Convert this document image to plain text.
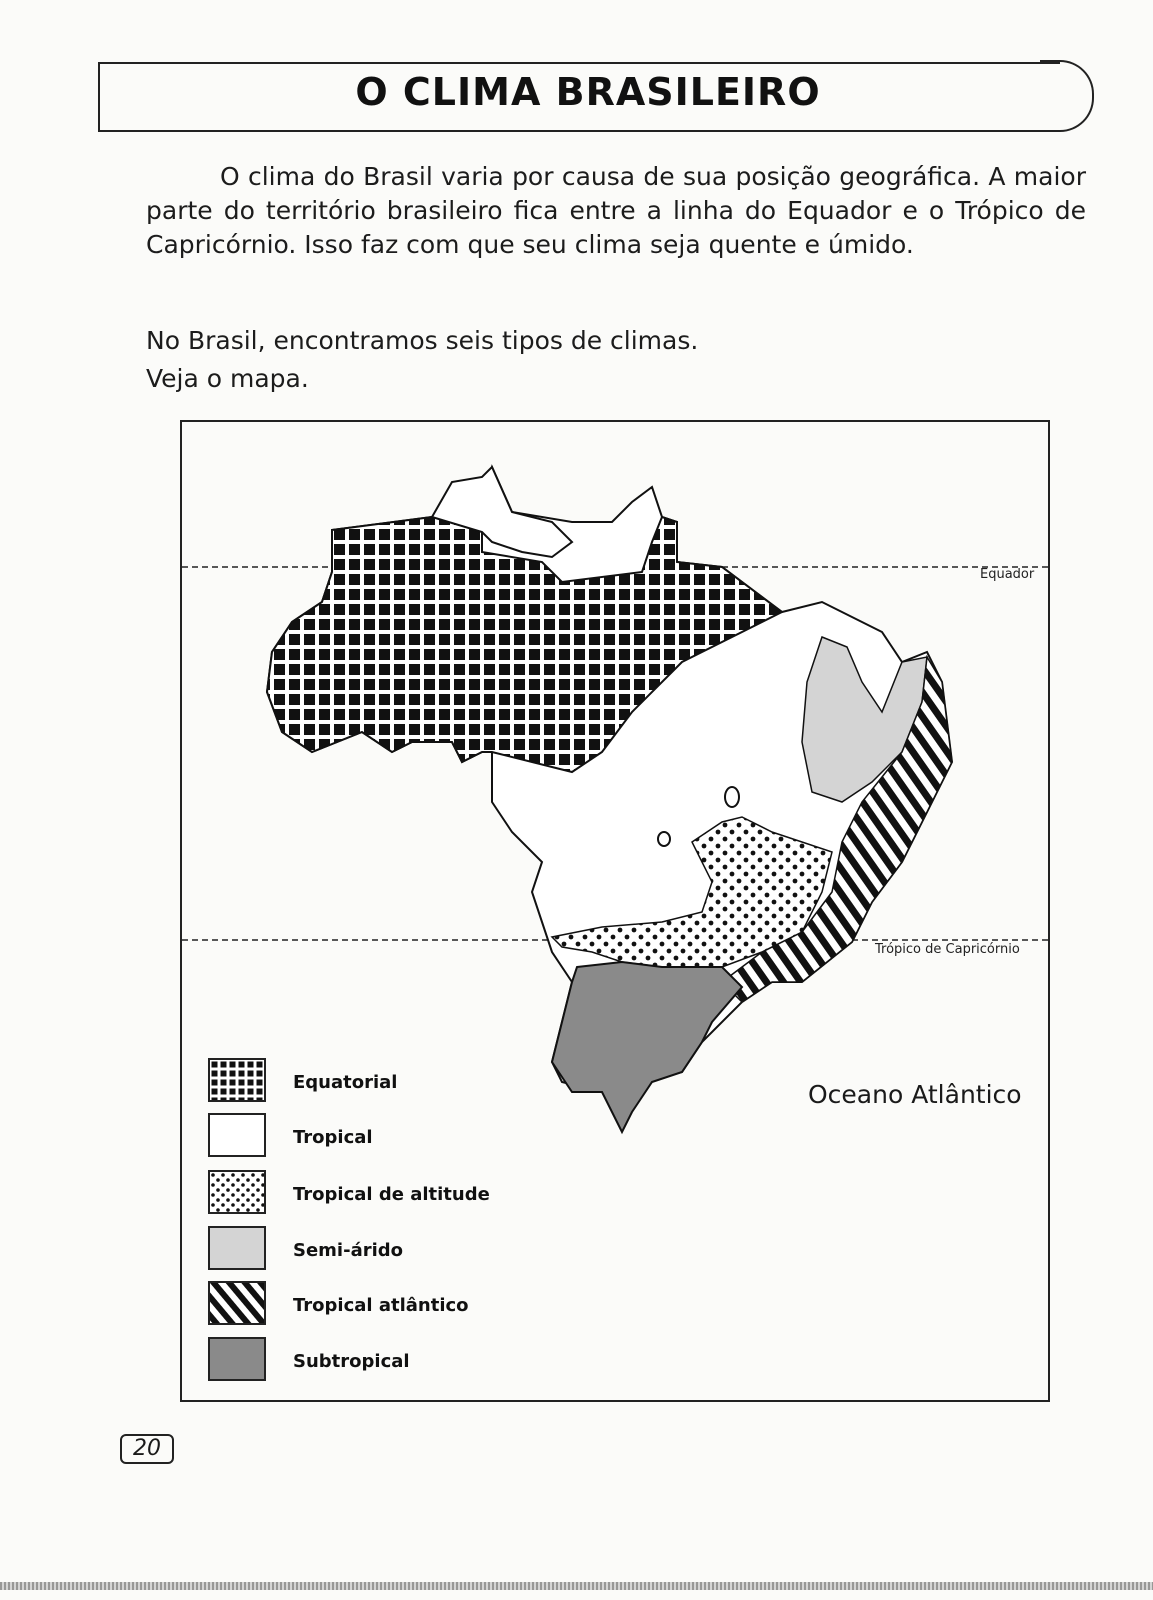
O CLIMA BRASILEIRO
O clima do Brasil varia por causa de sua posição geográfica. A maior parte do território brasileiro fica entre a linha do Equador e o Trópico de Capricórnio. Isso faz com que seu clima seja quente e úmido.
No Brasil, encontramos seis tipos de climas.
Veja o mapa.
Equador
Trópico de Capricórnio
Oceano Atlântico
Equatorial
Tropical
Tropical de altitude
Semi-árido
Tropical atlântico
Subtropical
20
